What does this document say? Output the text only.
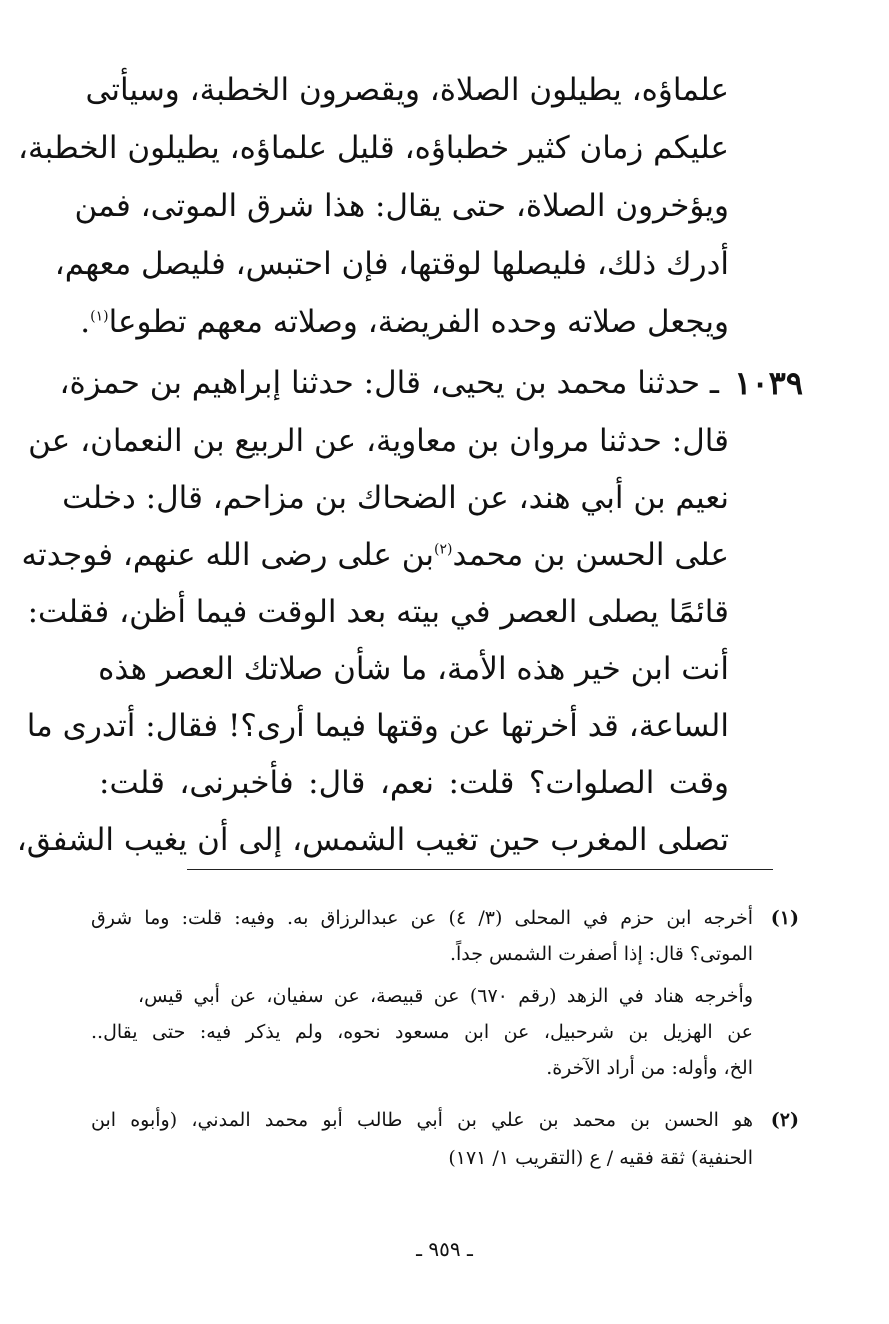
علماؤه، يطيلون الصلاة، ويقصرون الخطبة، وسيأتى
عليكم زمان كثير خطباؤه، قليل علماؤه، يطيلون الخطبة،
ويؤخرون الصلاة، حتى يقال: هذا شرق الموتى، فمن
أدرك ذلك، فليصلها لوقتها، فإن احتبس، فليصل معهم،
ويجعل صلاته وحده الفريضة، وصلاته معهم تطوعا$^{(١)}$.
١٠٣٩
ـ حدثنا محمد بن يحيى، قال: حدثنا إبراهيم بن حمزة،
قال: حدثنا مروان بن معاوية، عن الربيع بن النعمان، عن
نعيم بن أبي هند، عن الضحاك بن مزاحم، قال: دخلت
على الحسن بن محمد$^{(٢)}$بن على رضى الله عنهم، فوجدته
قائمًا يصلى العصر في بيته بعد الوقت فيما أظن، فقلت:
أنت ابن خير هذه الأمة، ما شأن صلاتك العصر هذه
الساعة، قد أخرتها عن وقتها فيما أرى؟! فقال: أتدرى ما
وقت الصلوات؟ قلت: نعم، قال: فأخبرنى، قلت:
تصلى المغرب حين تغيب الشمس، إلى أن يغيب الشفق،
(١)
أخرجه ابن حزم في المحلى (٣/ ٤) عن عبدالرزاق به. وفيه: قلت: وما شرق
الموتى؟ قال: إذا أصفرت الشمس جداً.
وأخرجه هناد في الزهد (رقم ٦٧٠) عن قبيصة، عن سفيان، عن أبي قيس،
عن الهزيل بن شرحبيل، عن ابن مسعود نحوه، ولم يذكر فيه: حتى يقال..
الخ، وأوله: من أراد الآخرة.
(٢)
هو الحسن بن محمد بن علي بن أبي طالب أبو محمد المدني، (وأبوه ابن
الحنفية) ثقة فقيه / ع (التقريب ١/ ١٧١)
ـ ٩٥٩ ـ
